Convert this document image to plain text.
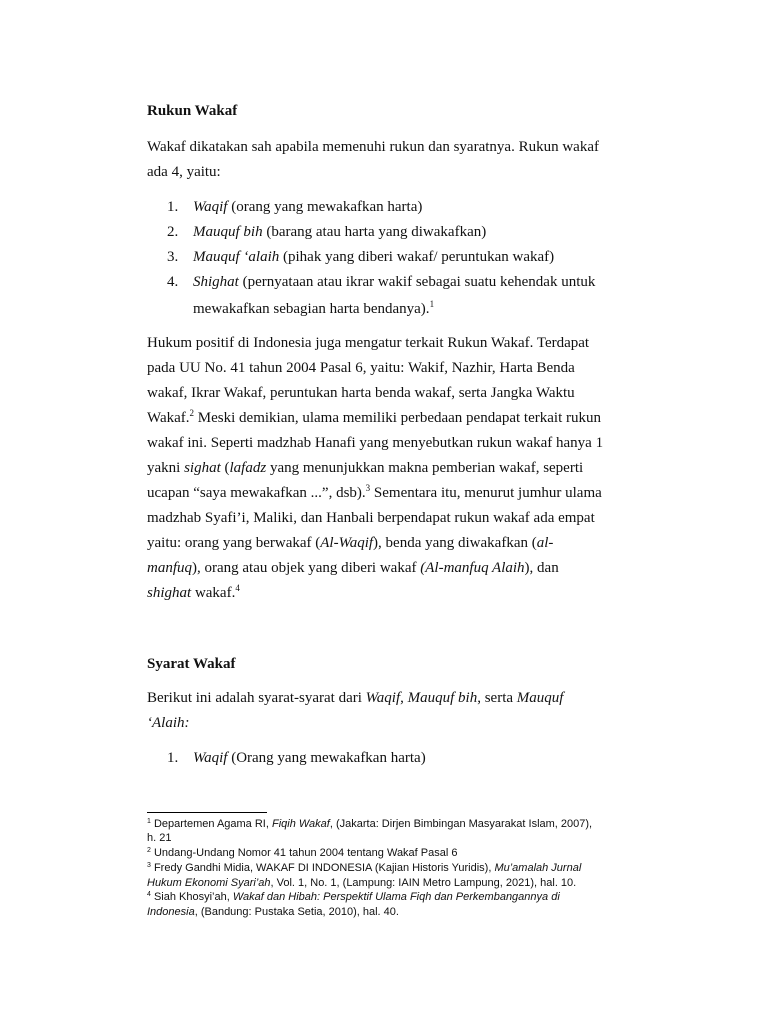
Rukun Wakaf
Wakaf dikatakan sah apabila memenuhi rukun dan syaratnya. Rukun wakaf
ada 4, yaitu:
1. Waqif (orang yang mewakafkan harta)
2. Mauquf bih (barang atau harta yang diwakafkan)
3. Mauquf ‘alaih (pihak yang diberi wakaf/ peruntukan wakaf)
4. Shighat (pernyataan atau ikrar wakif sebagai suatu kehendak untuk
mewakafkan sebagian harta bendanya).$^1$
Hukum positif di Indonesia juga mengatur terkait Rukun Wakaf. Terdapat
pada UU No. 41 tahun 2004 Pasal 6, yaitu: Wakif, Nazhir, Harta Benda
wakaf, Ikrar Wakaf, peruntukan harta benda wakaf, serta Jangka Waktu
Wakaf.$^2$ Meski demikian, ulama memiliki perbedaan pendapat terkait rukun
wakaf ini. Seperti madzhab Hanafi yang menyebutkan rukun wakaf hanya 1
yakni sighat (lafadz yang menunjukkan makna pemberian wakaf, seperti
ucapan “saya mewakafkan ...”, dsb).$^3$ Sementara itu, menurut jumhur ulama
madzhab Syafi’i, Maliki, dan Hanbali berpendapat rukun wakaf ada empat
yaitu: orang yang berwakaf (Al-Waqif), benda yang diwakafkan (al-
manfuq), orang atau objek yang diberi wakaf (Al-manfuq Alaih), dan
shighat wakaf.$^4$
Syarat Wakaf
Berikut ini adalah syarat-syarat dari Waqif, Mauquf bih, serta Mauquf
‘Alaih:
1. Waqif (Orang yang mewakafkan harta)
$^1$ Departemen Agama RI, Fiqih Wakaf, (Jakarta: Dirjen Bimbingan Masyarakat Islam, 2007),
h. 21
$^2$ Undang-Undang Nomor 41 tahun 2004 tentang Wakaf Pasal 6
$^3$ Fredy Gandhi Midia, WAKAF DI INDONESIA (Kajian Historis Yuridis), Mu’amalah Jurnal
Hukum Ekonomi Syari’ah, Vol. 1, No. 1, (Lampung: IAIN Metro Lampung, 2021), hal. 10.
$^4$ Siah Khosyi’ah, Wakaf dan Hibah: Perspektif Ulama Fiqh dan Perkembangannya di
Indonesia, (Bandung: Pustaka Setia, 2010), hal. 40.
